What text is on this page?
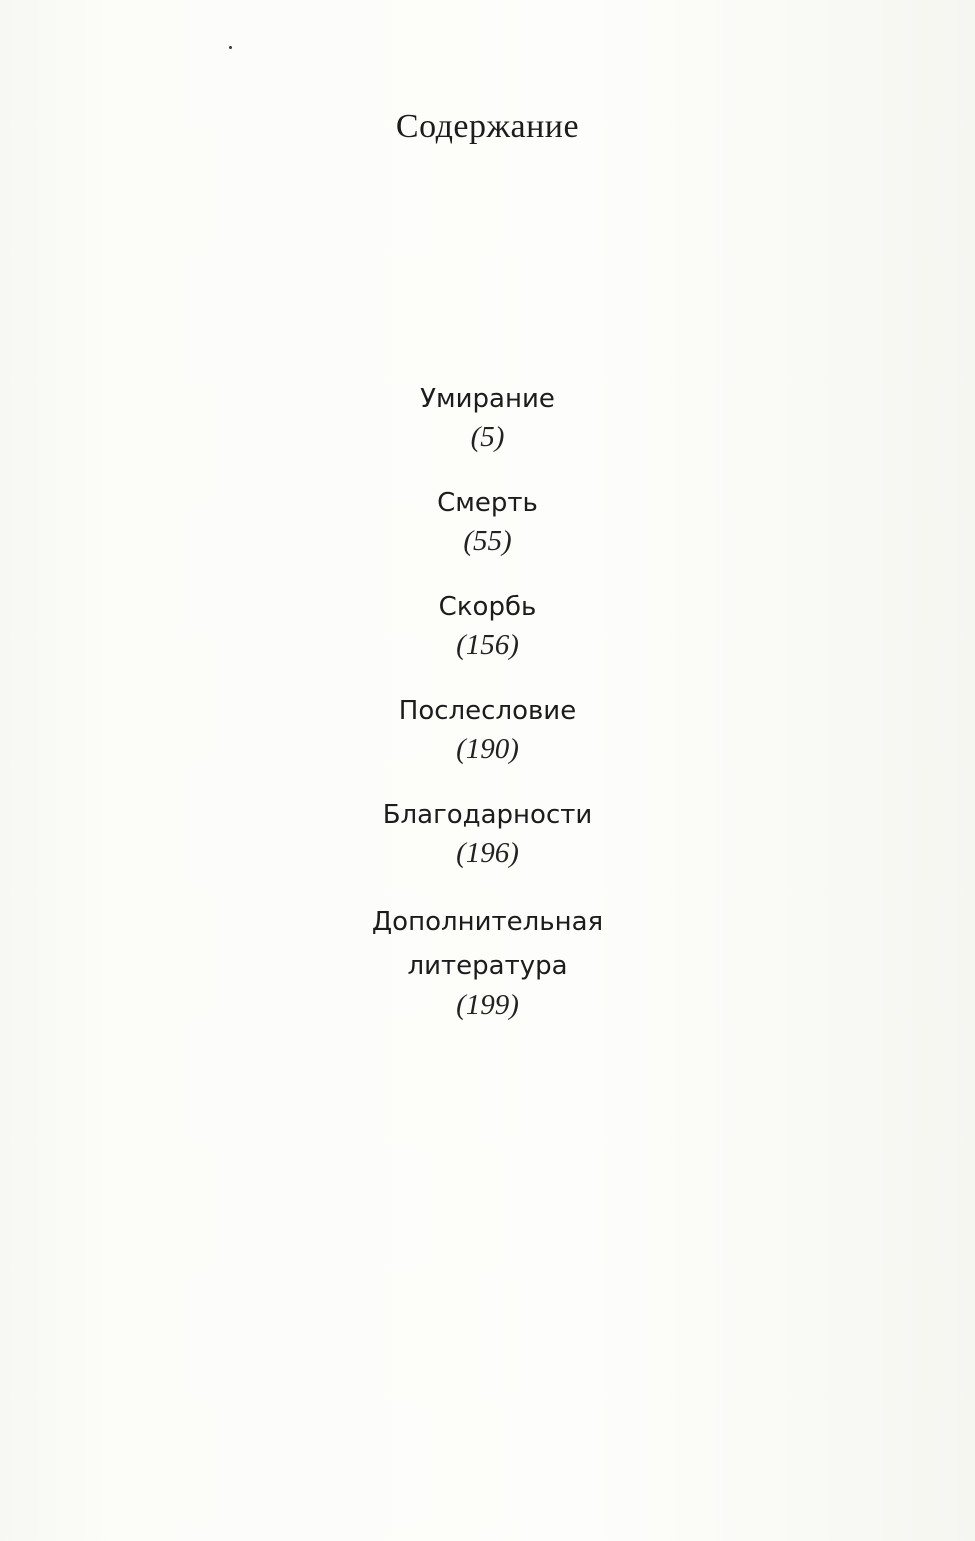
Содержание
Умирание
(5)
Смерть
(55)
Скорбь
(156)
Послесловие
(190)
Благодарности
(196)
Дополнительная
литература
(199)
